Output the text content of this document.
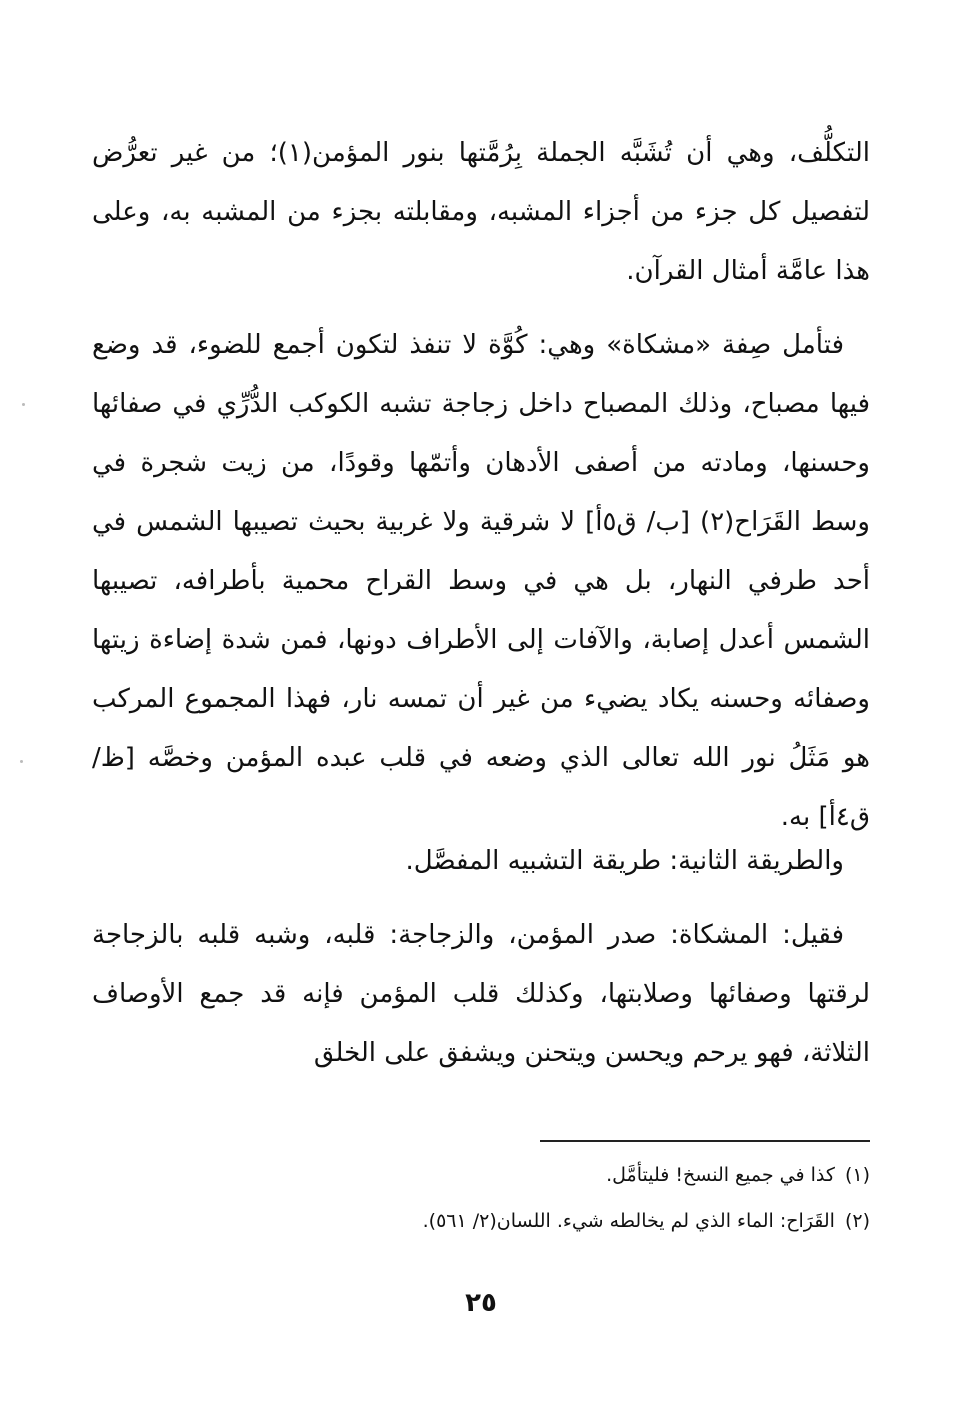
التكلُّف، وهي أن تُشَبَّه الجملة بِرُمَّتها بنور المؤمن(١)؛ من غير تعرُّض لتفصيل كل جزء من أجزاء المشبه، ومقابلته بجزء من المشبه به، وعلى هذا عامَّة أمثال القرآن.

فتأمل صِفة «مشكاة» وهي: كُوَّة لا تنفذ لتكون أجمع للضوء، قد وضع فيها مصباح، وذلك المصباح داخل زجاجة تشبه الكوكب الدُّرِّي في صفائها وحسنها، ومادته من أصفى الأدهان وأتمّها وقودًا، من زيت شجرة في وسط القَرَاح(٢) [ب/ ق٥أ] لا شرقية ولا غربية بحيث تصيبها الشمس في أحد طرفي النهار، بل هي في وسط القراح محمية بأطرافه، تصيبها الشمس أعدل إصابة، والآفات إلى الأطراف دونها، فمن شدة إضاءة زيتها وصفائه وحسنه يكاد يضيء من غير أن تمسه نار، فهذا المجموع المركب هو مَثَلُ نور الله تعالى الذي وضعه في قلب عبده المؤمن وخصَّه [ظ/ ق٤أ] به.

والطريقة الثانية: طريقة التشبيه المفصَّل.

فقيل: المشكاة: صدر المؤمن، والزجاجة: قلبه، وشبه قلبه بالزجاجة لرقتها وصفائها وصلابتها، وكذلك قلب المؤمن فإنه قد جمع الأوصاف الثلاثة، فهو يرحم ويحسن ويتحنن ويشفق على الخلق

(١)كذا في جميع النسخ! فليتأمَّل.

(٢)القَرَاح: الماء الذي لم يخالطه شيء. اللسان(٢/ ٥٦١).

٢٥
